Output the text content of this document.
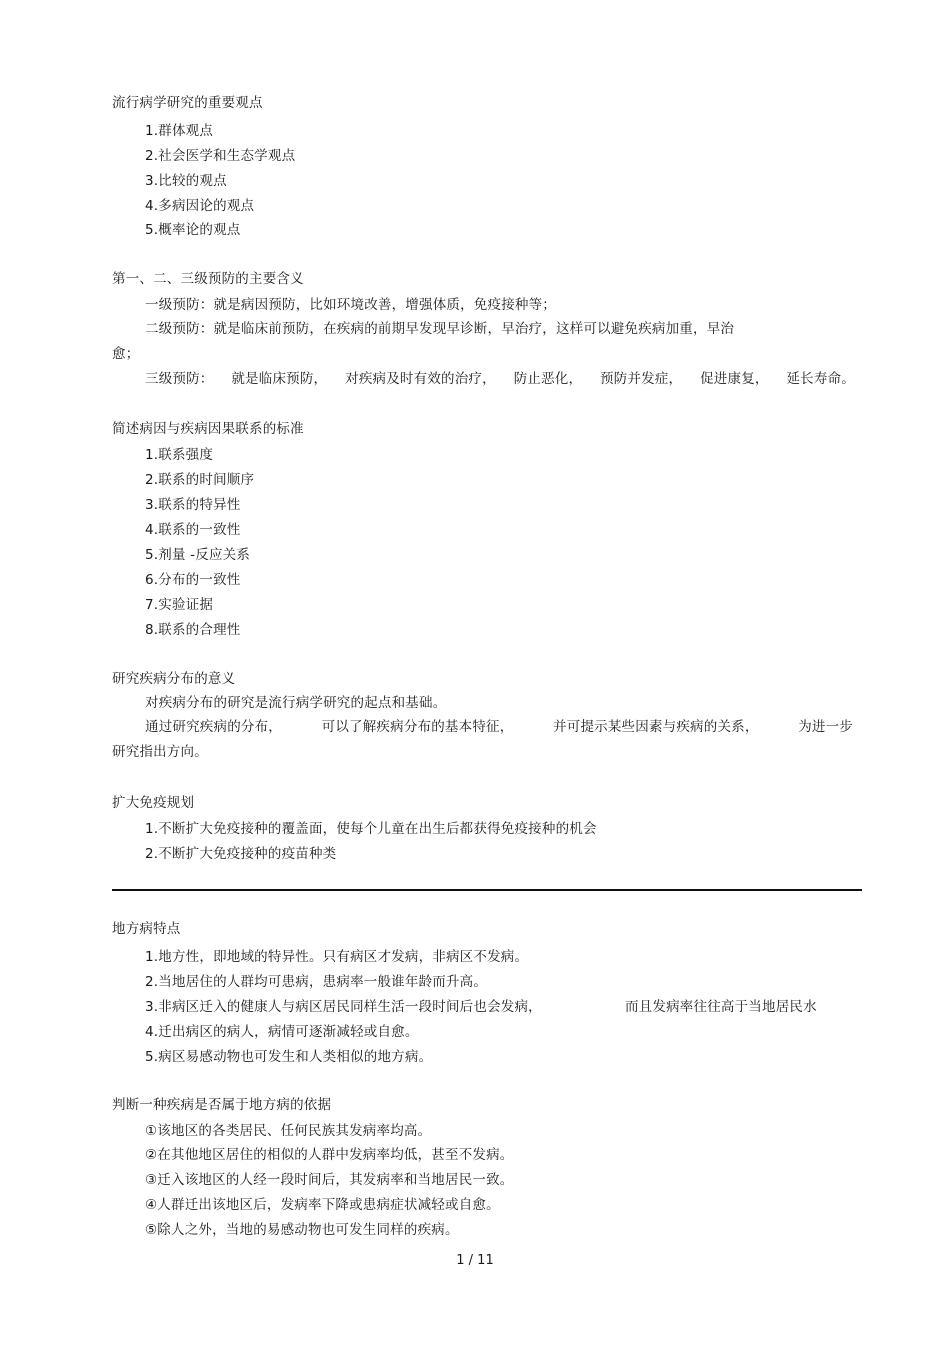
流行病学研究的重要观点
1.群体观点
2.社会医学和生态学观点
3.比较的观点
4.多病因论的观点
5.概率论的观点
第一、二、三级预防的主要含义
一级预防：就是病因预防，比如环境改善，增强体质，免疫接种等；
二级预防：就是临床前预防，在疾病的前期早发现早诊断，早治疗，这样可以避免疾病加重，早治
愈；
三级预防： 就是临床预防， 对疾病及时有效的治疗， 防止恶化， 预防并发症， 促进康复， 延长寿命。
简述病因与疾病因果联系的标准
1.联系强度
2.联系的时间顺序
3.联系的特异性
4.联系的一致性
5.剂量 -反应关系
6.分布的一致性
7.实验证据
8.联系的合理性
研究疾病分布的意义
对疾病分布的研究是流行病学研究的起点和基础。
通过研究疾病的分布，	可以了解疾病分布的基本特征，	并可提示某些因素与疾病的关系，	为进一步
研究指出方向。
扩大免疫规划
1.不断扩大免疫接种的覆盖面，使每个儿童在出生后都获得免疫接种的机会
2.不断扩大免疫接种的疫苗种类
地方病特点
1.地方性，即地域的特异性。只有病区才发病，非病区不发病。
2.当地居住的人群均可患病，患病率一般谁年龄而升高。
3.非病区迁入的健康人与病区居民同样生活一段时间后也会发病，	而且发病率往往高于当地居民水
4.迁出病区的病人，病情可逐渐减轻或自愈。
5.病区易感动物也可发生和人类相似的地方病。
判断一种疾病是否属于地方病的依据
①该地区的各类居民、任何民族其发病率均高。
②在其他地区居住的相似的人群中发病率均低，甚至不发病。
③迁入该地区的人经一段时间后，其发病率和当地居民一致。
④人群迁出该地区后，发病率下降或患病症状减轻或自愈。
⑤除人之外，当地的易感动物也可发生同样的疾病。
1 / 11
